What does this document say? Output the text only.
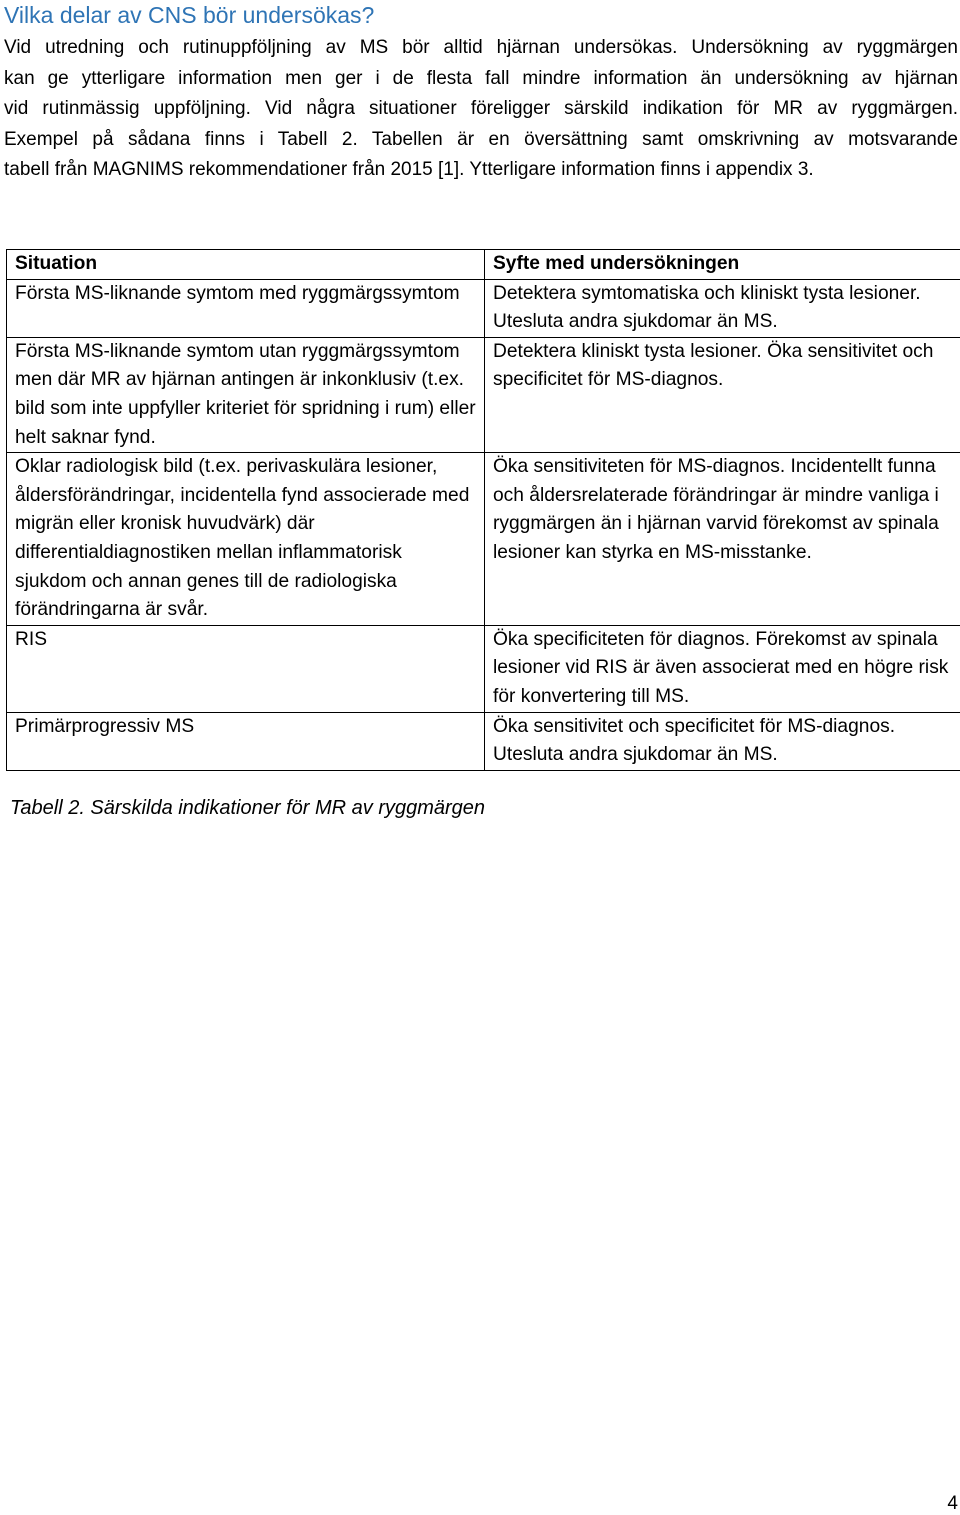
Vilka delar av CNS bör undersökas?

Vid utredning och rutinuppföljning av MS bör alltid hjärnan undersökas. Undersökning av ryggmärgen
kan ge ytterligare information men ger i de flesta fall mindre information än undersökning av hjärnan
vid rutinmässig uppföljning. Vid några situationer föreligger särskild indikation för MR av ryggmärgen.
Exempel på sådana finns i Tabell 2. Tabellen är en översättning samt omskrivning av motsvarande
tabell från MAGNIMS rekommendationer från 2015 [1]. Ytterligare information finns i appendix 3.

Situation	Syfte med undersökningen
Första MS-liknande symtom med ryggmärgssymtom	Detektera symtomatiska och kliniskt tysta lesioner. Utesluta andra sjukdomar än MS.
Första MS-liknande symtom utan ryggmärgssymtom men där MR av hjärnan antingen är inkonklusiv (t.ex. bild som inte uppfyller kriteriet för spridning i rum) eller helt saknar fynd.	Detektera kliniskt tysta lesioner. Öka sensitivitet och specificitet för MS-diagnos.
Oklar radiologisk bild (t.ex. perivaskulära lesioner, åldersförändringar, incidentella fynd associerade med migrän eller kronisk huvudvärk) där differentialdiagnostiken mellan inflammatorisk sjukdom och annan genes till de radiologiska förändringarna är svår.	Öka sensitiviteten för MS-diagnos. Incidentellt funna och åldersrelaterade förändringar är mindre vanliga i ryggmärgen än i hjärnan varvid förekomst av spinala lesioner kan styrka en MS-misstanke.
RIS	Öka specificiteten för diagnos. Förekomst av spinala lesioner vid RIS är även associerat med en högre risk för konvertering till MS.
Primärprogressiv MS	Öka sensitivitet och specificitet för MS-diagnos. Utesluta andra sjukdomar än MS.

Tabell 2. Särskilda indikationer för MR av ryggmärgen

4
